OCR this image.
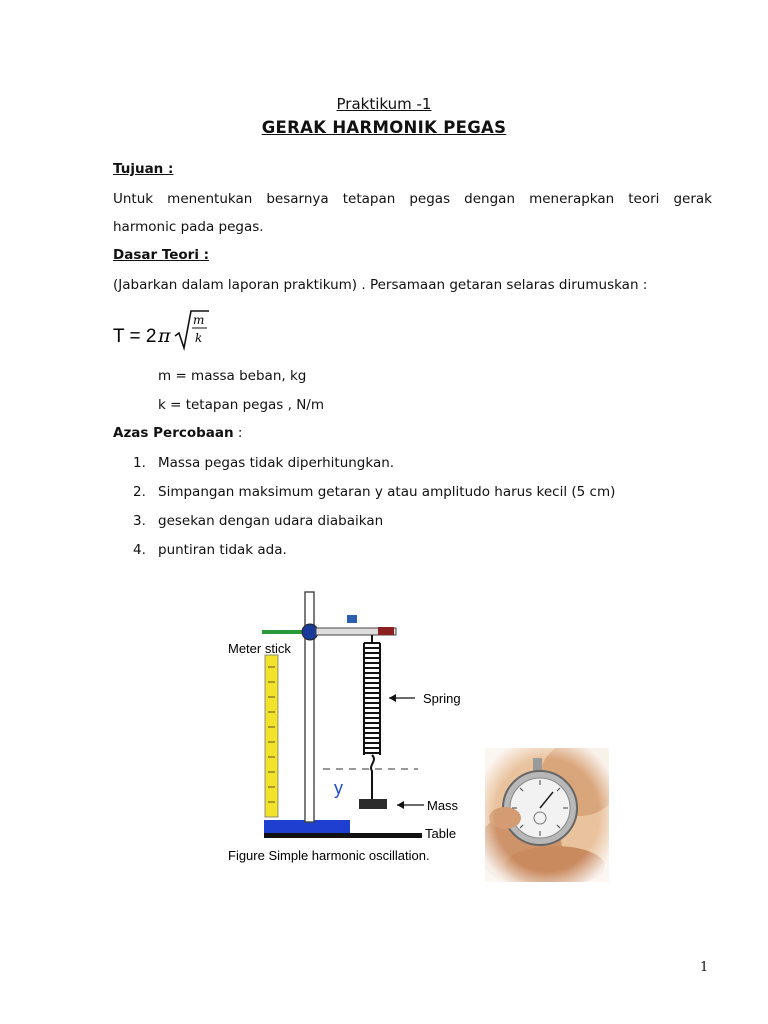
Praktikum -1
GERAK HARMONIK PEGAS
Tujuan :
Untuk menentukan besarnya tetapan pegas dengan menerapkan teori gerak
harmonic pada pegas.
Dasar Teori :
(Jabarkan dalam laporan praktikum) . Persamaan getaran selaras dirumuskan :
T = 2 π
m
k
m = massa beban, kg
k = tetapan pegas , N/m
Azas Percobaan :
1. Massa pegas tidak diperhitungkan.
2. Simpangan maksimum getaran y atau amplitudo harus kecil (5 cm)
3. gesekan dengan udara diabaikan
4. puntiran tidak ada.
Meter stick
Table
Spring
y
Mass
Figure Simple harmonic oscillation.
1
